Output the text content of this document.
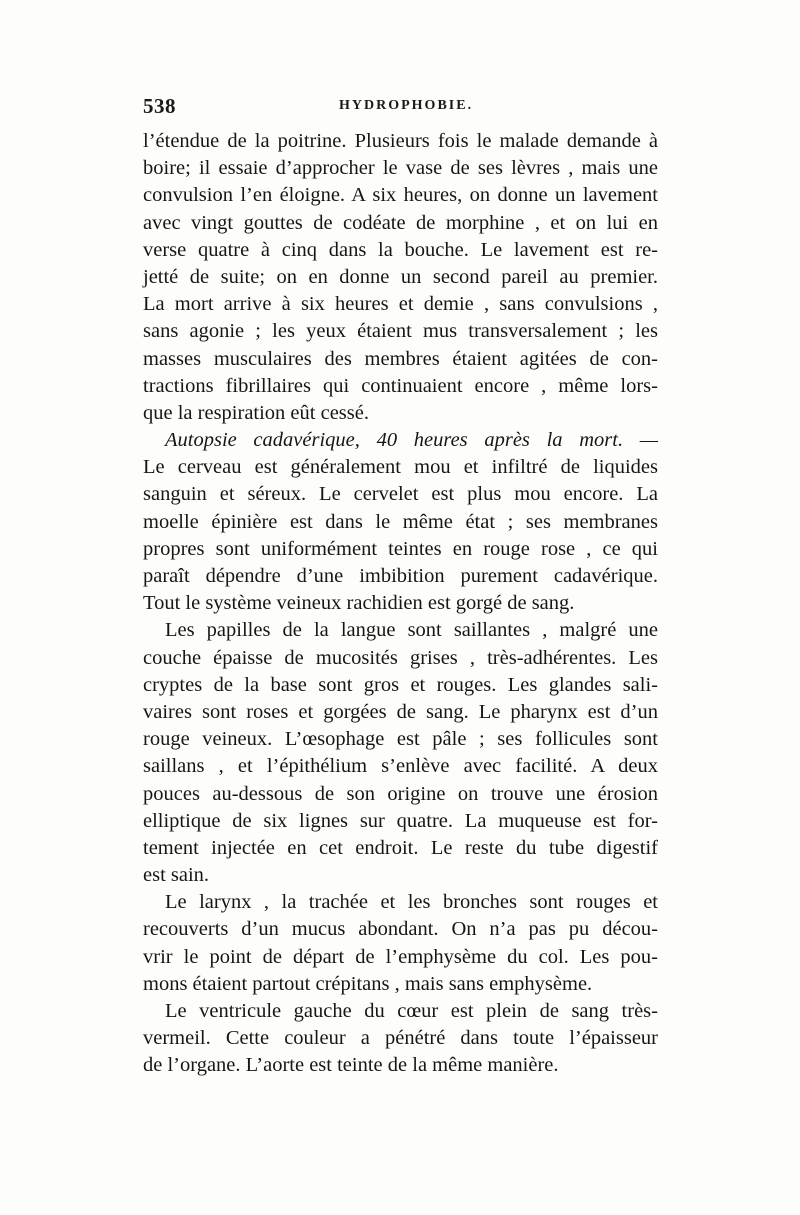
538	HYDROPHOBIE.
l’étendue de la poitrine. Plusieurs fois le malade demande à
boire; il essaie d’approcher le vase de ses lèvres , mais une
convulsion l’en éloigne. A six heures, on donne un lavement
avec vingt gouttes de codéate de morphine , et on lui en
verse quatre à cinq dans la bouche. Le lavement est re-
jetté de suite; on en donne un second pareil au premier.
La mort arrive à six heures et demie , sans convulsions ,
sans agonie ; les yeux étaient mus transversalement ; les
masses musculaires des membres étaient agitées de con-
tractions fibrillaires qui continuaient encore , même lors-
que la respiration eût cessé.
Autopsie cadavérique, 40 heures après la mort. —
Le cerveau est généralement mou et infiltré de liquides
sanguin et séreux. Le cervelet est plus mou encore. La
moelle épinière est dans le même état ; ses membranes
propres sont uniformément teintes en rouge rose , ce qui
paraît dépendre d’une imbibition purement cadavérique.
Tout le système veineux rachidien est gorgé de sang.
Les papilles de la langue sont saillantes , malgré une
couche épaisse de mucosités grises , très-adhérentes. Les
cryptes de la base sont gros et rouges. Les glandes sali-
vaires sont roses et gorgées de sang. Le pharynx est d’un
rouge veineux. L’œsophage est pâle ; ses follicules sont
saillans , et l’épithélium s’enlève avec facilité. A deux
pouces au-dessous de son origine on trouve une érosion
elliptique de six lignes sur quatre. La muqueuse est for-
tement injectée en cet endroit. Le reste du tube digestif
est sain.
Le larynx , la trachée et les bronches sont rouges et
recouverts d’un mucus abondant. On n’a pas pu décou-
vrir le point de départ de l’emphysème du col. Les pou-
mons étaient partout crépitans , mais sans emphysème.
Le ventricule gauche du cœur est plein de sang très-
vermeil. Cette couleur a pénétré dans toute l’épaisseur
de l’organe. L’aorte est teinte de la même manière.
